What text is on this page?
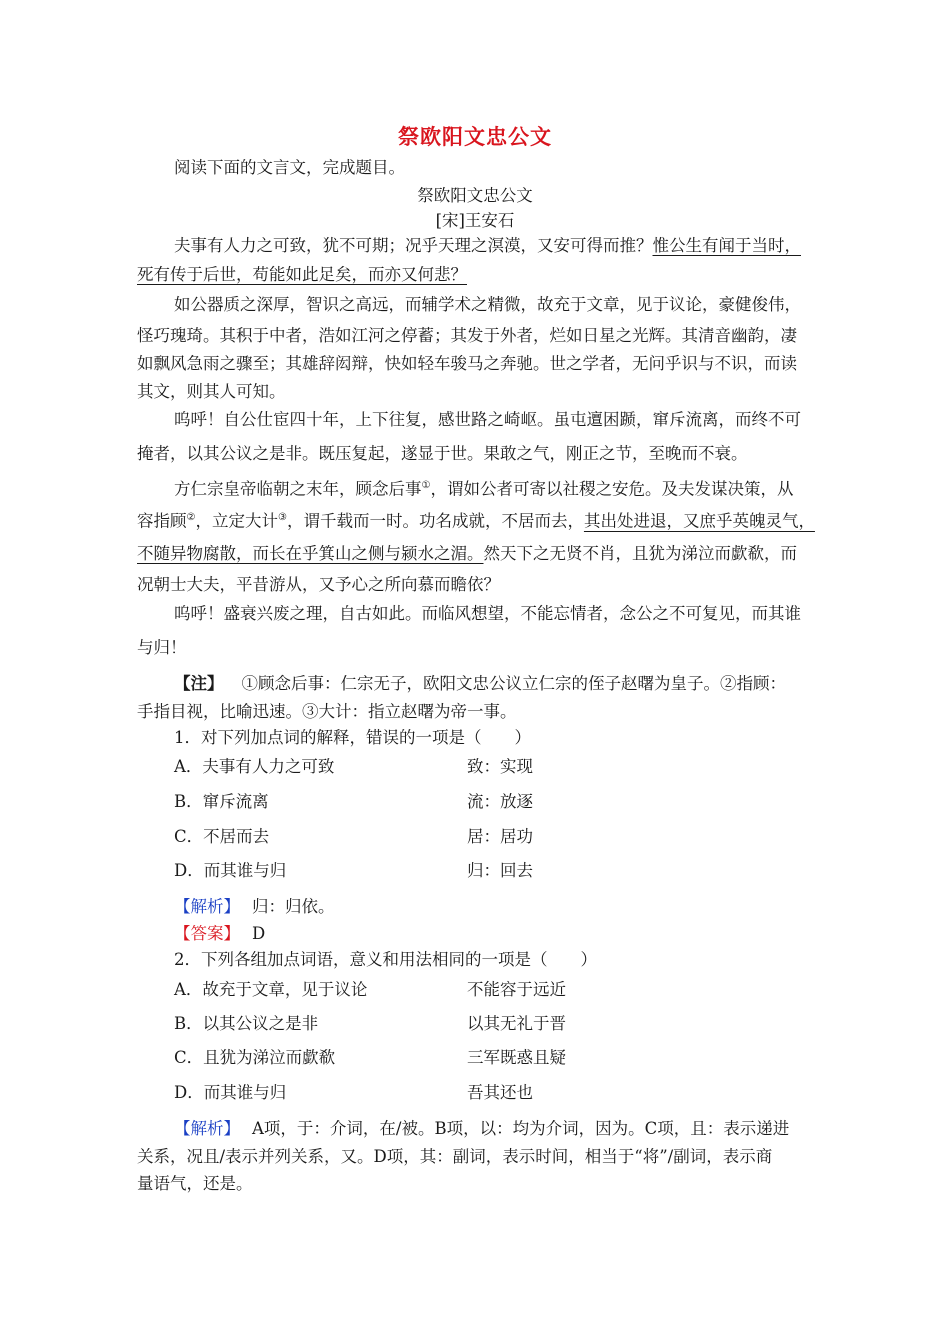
祭欧阳文忠公文
阅读下面的文言文，完成题目。
祭欧阳文忠公文
[宋]王安石
夫事有人力之可致，犹不可期；况乎天理之溟漠，又安可得而推？惟公生有闻于当时，
死有传于后世，苟能如此足矣，而亦又何悲？
如公器质之深厚，智识之高远，而辅学术之精微，故充于文章，见于议论，豪健俊伟，
怪巧瑰琦。其积于中者，浩如江河之停蓄；其发于外者，烂如日星之光辉。其清音幽韵，凄
如飘风急雨之骤至；其雄辞闳辩，快如轻车骏马之奔驰。世之学者，无问乎识与不识，而读
其文，则其人可知。
呜呼！自公仕宦四十年，上下往复，感世路之崎岖。虽屯邅困踬，窜斥流离，而终不可
掩者，以其公议之是非。既压复起，遂显于世。果敢之气，刚正之节，至晚而不衰。
方仁宗皇帝临朝之末年，顾念后事①，谓如公者可寄以社稷之安危。及夫发谋决策，从
容指顾②，立定大计③，谓千载而一时。功名成就，不居而去，其出处进退，又庶乎英魄灵气，
不随异物腐散，而长在乎箕山之侧与颍水之湄。然天下之无贤不肖，且犹为涕泣而歔欷，而
况朝士大夫，平昔游从，又予心之所向慕而瞻依？
呜呼！盛衰兴废之理，自古如此。而临风想望，不能忘情者，念公之不可复见，而其谁
与归！
【注】 ①顾念后事：仁宗无子，欧阳文忠公议立仁宗的侄子赵曙为皇子。②指顾：
手指目视，比喻迅速。③大计：指立赵曙为帝一事。
1．对下列加点词的解释，错误的一项是（　　）
A．夫事有人力之可致	致：实现
B．窜斥流离	流：放逐
C．不居而去	居：居功
D．而其谁与归	归：回去
【解析】 归：归依。
【答案】 D
2．下列各组加点词语，意义和用法相同的一项是（　　）
A．故充于文章，见于议论	不能容于远近
B．以其公议之是非	以其无礼于晋
C．且犹为涕泣而歔欷	三军既惑且疑
D．而其谁与归	吾其还也
【解析】 A项，于：介词，在/被。B项，以：均为介词，因为。C项，且：表示递进
关系，况且/表示并列关系，又。D项，其：副词，表示时间，相当于“将”/副词，表示商
量语气，还是。
